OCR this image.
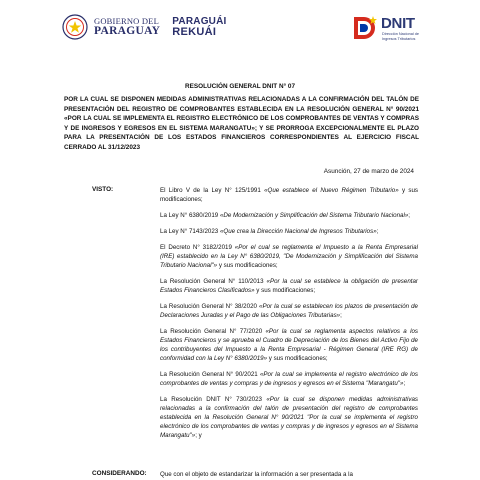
GOBIERNO DEL
PARAGUAY
PARAGUÁI
REKUÁI	DNIT
Dirección Nacional de Ingresos Tributarios
RESOLUCIÓN GENERAL DNIT N° 07
POR LA CUAL SE DISPONEN MEDIDAS ADMINISTRATIVAS RELACIONADAS A LA CONFIRMACIÓN DEL TALÓN DE PRESENTACIÓN DEL REGISTRO DE COMPROBANTES ESTABLECIDA EN LA RESOLUCIÓN GENERAL N° 90/2021 «POR LA CUAL SE IMPLEMENTA EL REGISTRO ELECTRÓNICO DE LOS COMPROBANTES DE VENTAS Y COMPRAS Y DE INGRESOS Y EGRESOS EN EL SISTEMA MARANGATU»; Y SE PRORROGA EXCEPCIONALMENTE EL PLAZO PARA LA PRESENTACIÓN DE LOS ESTADOS FINANCIEROS CORRESPONDIENTES AL EJERCICIO FISCAL CERRADO AL 31/12/2023
Asunción, 27 de marzo de 2024
VISTO:	El Libro V de la Ley N° 125/1991 «Que establece el Nuevo Régimen Tributario» y sus modificaciones;

La Ley N° 6380/2019 «De Modernización y Simplificación del Sistema Tributario Nacional»;

La Ley N° 7143/2023 «Que crea la Dirección Nacional de Ingresos Tributarios»;

El Decreto N° 3182/2019 «Por el cual se reglamenta el Impuesto a la Renta Empresarial (IRE) establecido en la Ley N° 6380/2019, "De Modernización y Simplificación del Sistema Tributario Nacional"» y sus modificaciones;

La Resolución General N° 110/2013 «Por la cual se establece la obligación de presentar Estados Financieros Clasificados» y sus modificaciones;

La Resolución General N° 38/2020 «Por la cual se establecen los plazos de presentación de Declaraciones Juradas y el Pago de las Obligaciones Tributarias»;

La Resolución General N° 77/2020 «Por la cual se reglamenta aspectos relativos a los Estados Financieros y se aprueba el Cuadro de Depreciación de los Bienes del Activo Fijo de los contribuyentes del Impuesto a la Renta Empresarial - Régimen General (IRE RG) de conformidad con la Ley N° 6380/2019» y sus modificaciones;

La Resolución General N° 90/2021 «Por la cual se implementa el registro electrónico de los comprobantes de ventas y compras y de ingresos y egresos en el Sistema "Marangatu"»;

La Resolución DNIT N° 730/2023 «Por la cual se disponen medidas administrativas relacionadas a la confirmación del talón de presentación del registro de comprobantes establecida en la Resolución General N° 90/2021 "Por la cual se implementa el registro electrónico de los comprobantes de ventas y compras y de ingresos y egresos en el Sistema Marangatu"»; y

CONSIDERANDO: Que con el objeto de estandarizar la información a ser presentada a la
